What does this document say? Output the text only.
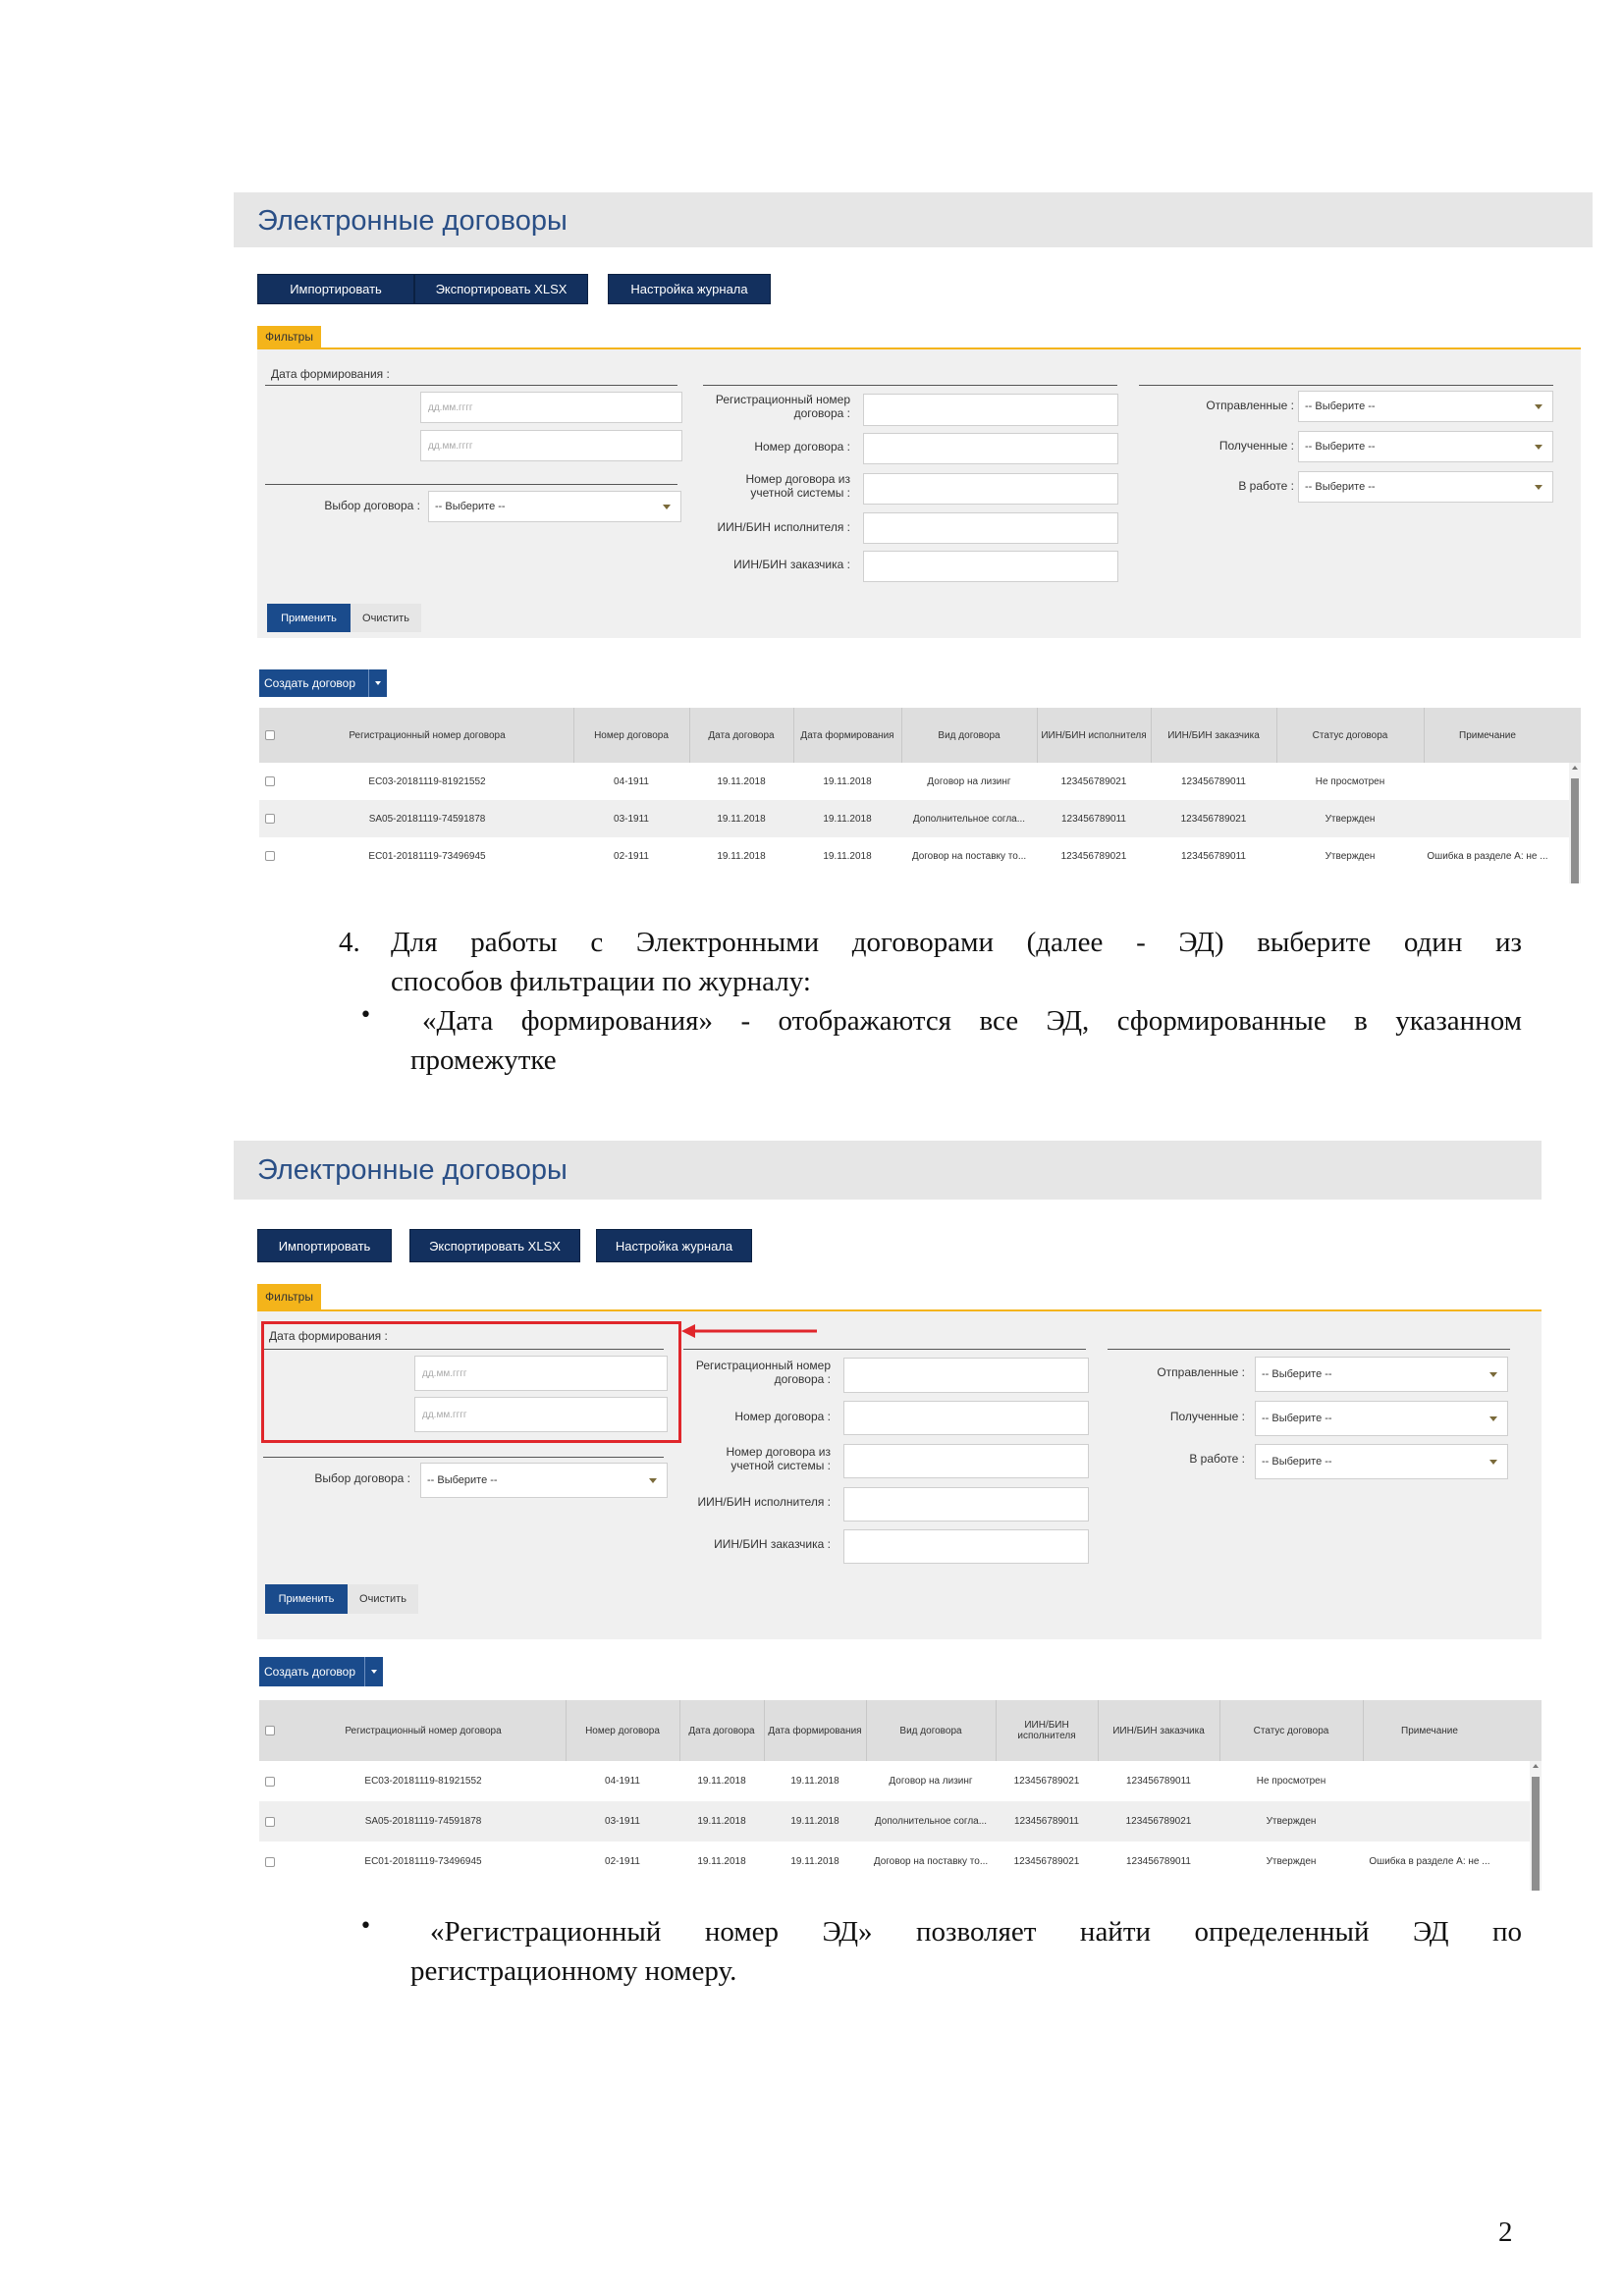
Электронные договоры
Импортировать	Экспортировать XLSX	Настройка журнала
Фильтры
Дата формирования :
дд.мм.гггг
дд.мм.гггг
Выбор договора : -- Выберите --
Регистрационный номер договора :
Номер договора :
Номер договора из учетной системы :
ИИН/БИН исполнителя :
ИИН/БИН заказчика :
Отправленные : -- Выберите --
Полученные : -- Выберите --
В работе : -- Выберите --
Применить	Очистить
Создать договор
Регистрационный номер договора	Номер договора	Дата договора	Дата формирования	Вид договора	ИИН/БИН исполнителя	ИИН/БИН заказчика	Статус договора	Примечание
EC03-20181119-81921552	04-1911	19.11.2018	19.11.2018	Договор на лизинг	123456789021	123456789011	Не просмотрен
SA05-20181119-74591878	03-1911	19.11.2018	19.11.2018	Дополнительное согла...	123456789011	123456789021	Утвержден
EC01-20181119-73496945	02-1911	19.11.2018	19.11.2018	Договор на поставку то...	123456789021	123456789011	Утвержден	Ошибка в разделе А: не ...
4. Для работы с Электронными договорами (далее - ЭД) выберите один из
способов фильтрации по журналу:
• «Дата формирования» - отображаются все ЭД, сформированные в указанном
промежутке
Электронные договоры
Импортировать	Экспортировать XLSX	Настройка журнала
Фильтры
Дата формирования :
дд.мм.гггг
дд.мм.гггг
Выбор договора : -- Выберите --
Регистрационный номер договора :
Номер договора :
Номер договора из учетной системы :
ИИН/БИН исполнителя :
ИИН/БИН заказчика :
Отправленные : -- Выберите --
Полученные : -- Выберите --
В работе : -- Выберите --
Применить	Очистить
Создать договор
Регистрационный номер договора	Номер договора	Дата договора	Дата формирования	Вид договора	ИИН/БИН исполнителя	ИИН/БИН заказчика	Статус договора	Примечание
EC03-20181119-81921552	04-1911	19.11.2018	19.11.2018	Договор на лизинг	123456789021	123456789011	Не просмотрен
SA05-20181119-74591878	03-1911	19.11.2018	19.11.2018	Дополнительное согла...	123456789011	123456789021	Утвержден
EC01-20181119-73496945	02-1911	19.11.2018	19.11.2018	Договор на поставку то...	123456789021	123456789011	Утвержден	Ошибка в разделе А: не ...
• «Регистрационный номер ЭД» позволяет найти определенный ЭД по
регистрационному номеру.
2
